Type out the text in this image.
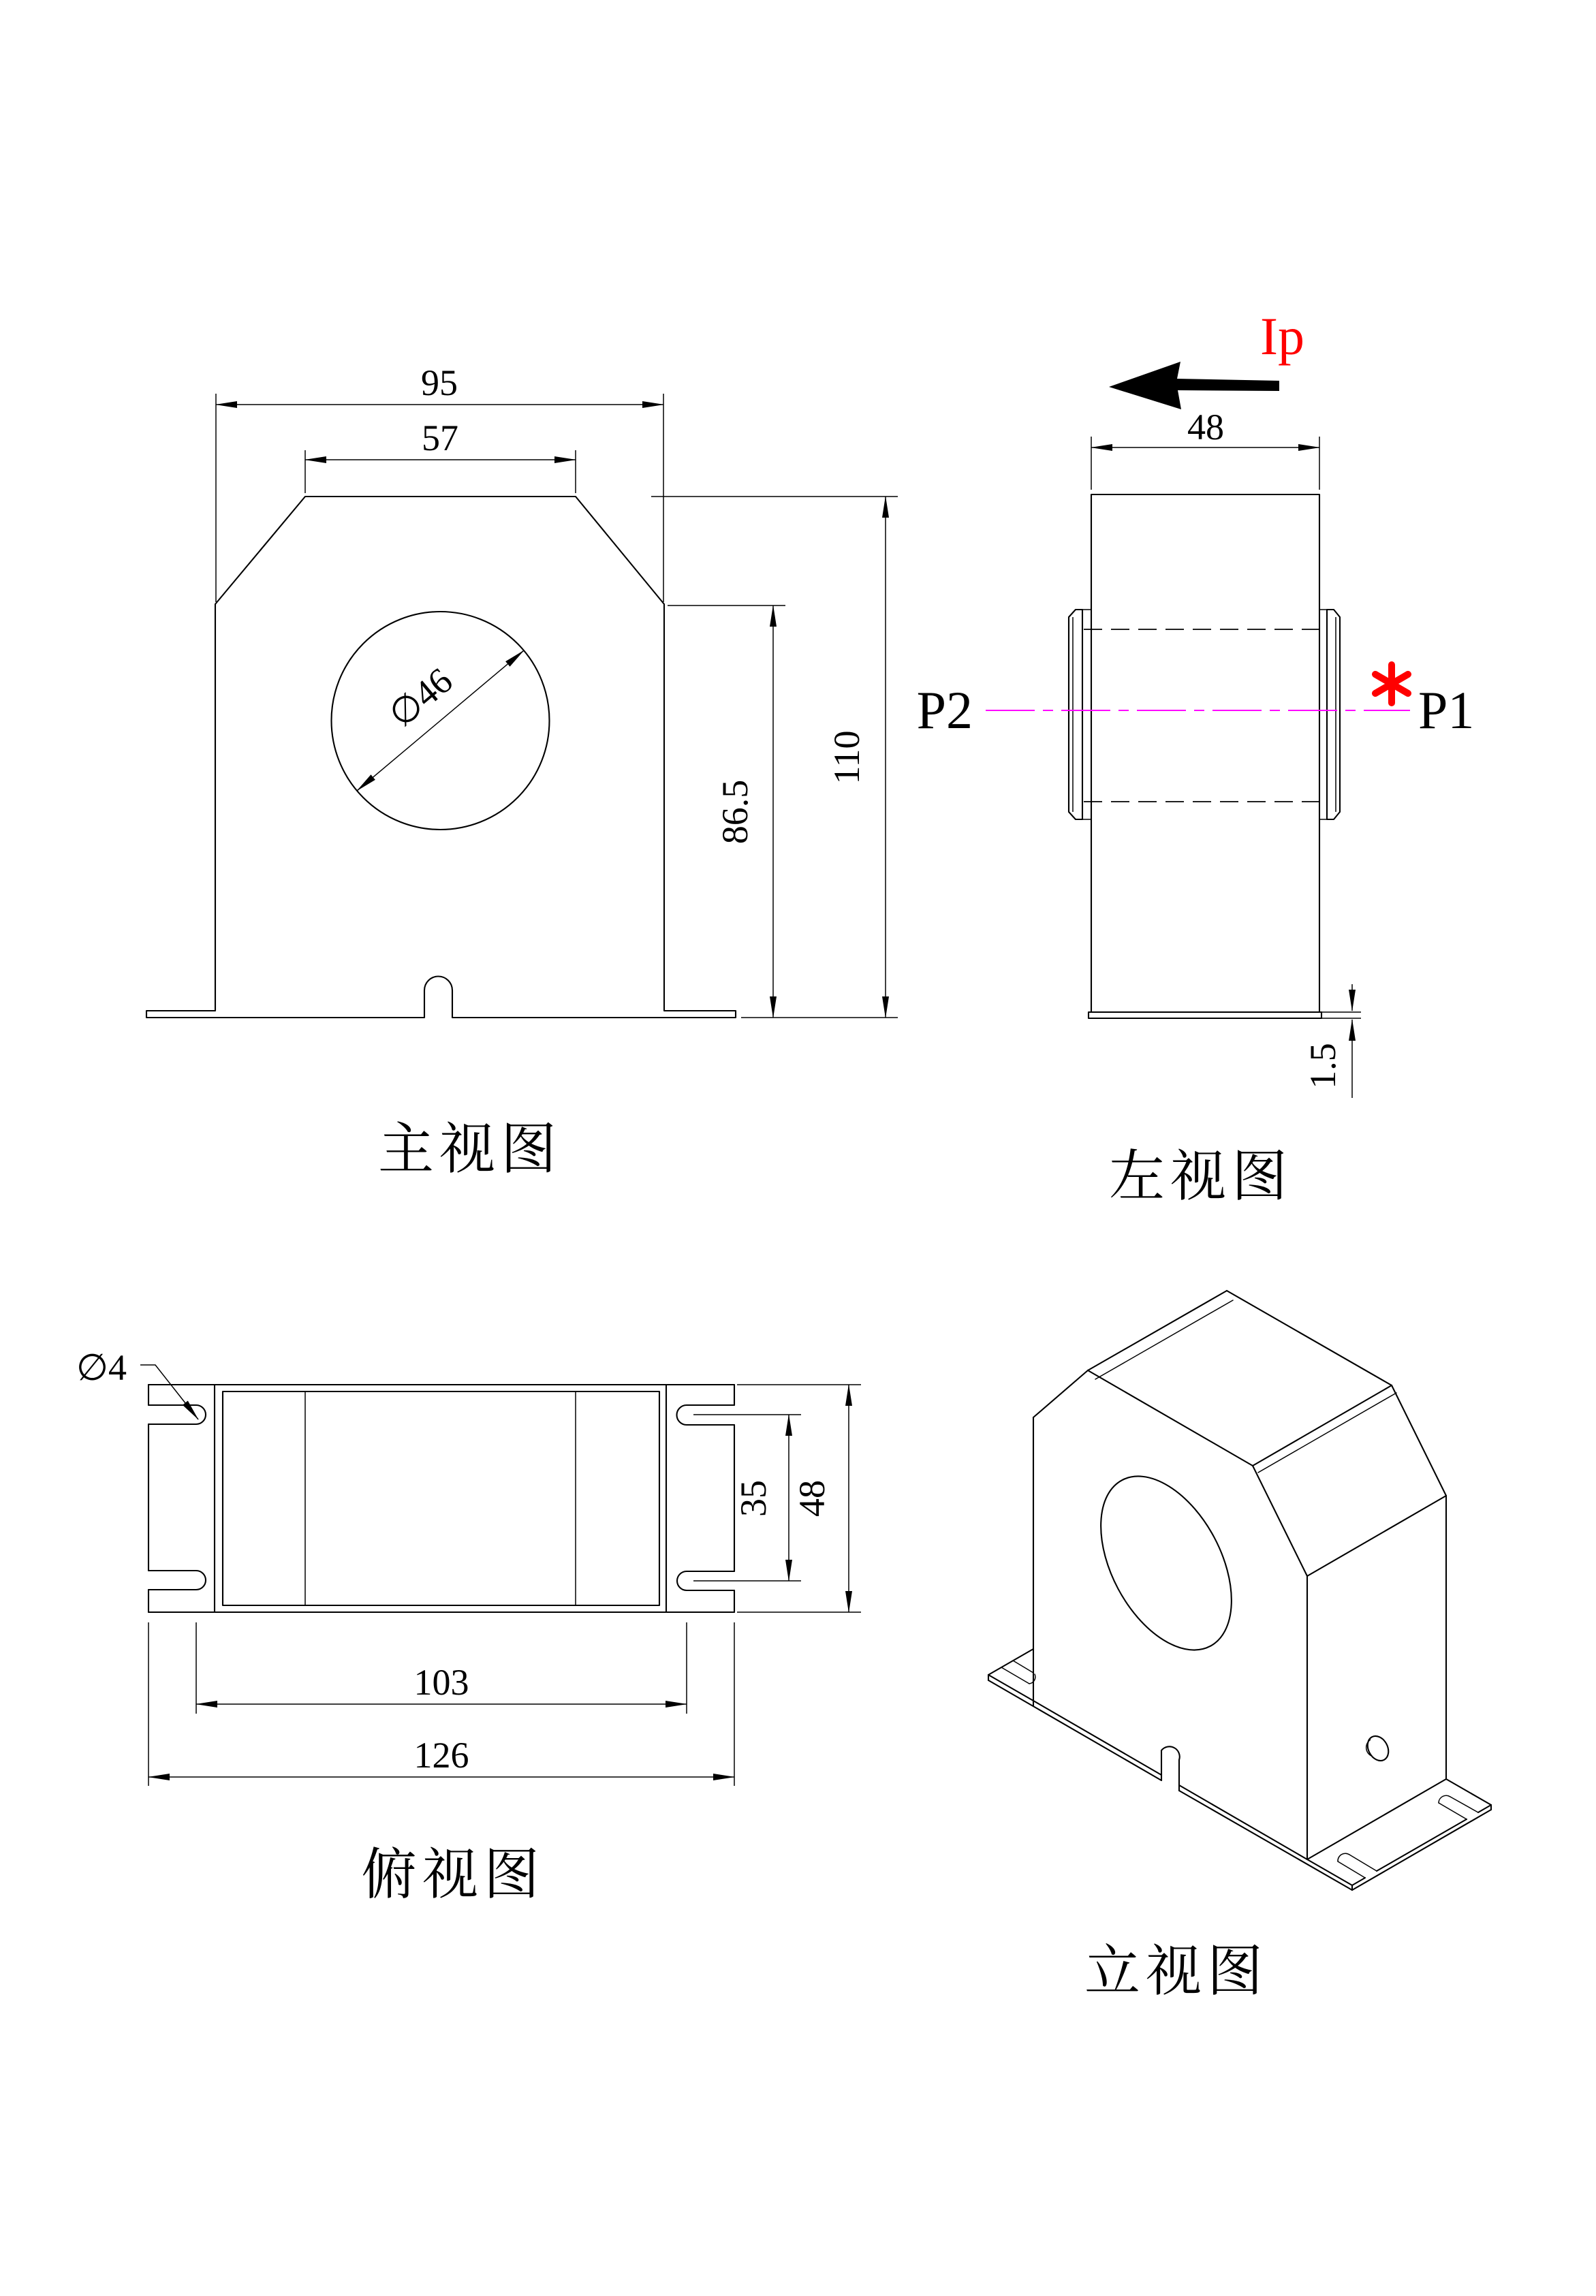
∅46
95
57
110
86.5
主视图
P2	P1
Ip
48
1.5
左视图
∅4
35 48
103
126
俯视图
立视图
